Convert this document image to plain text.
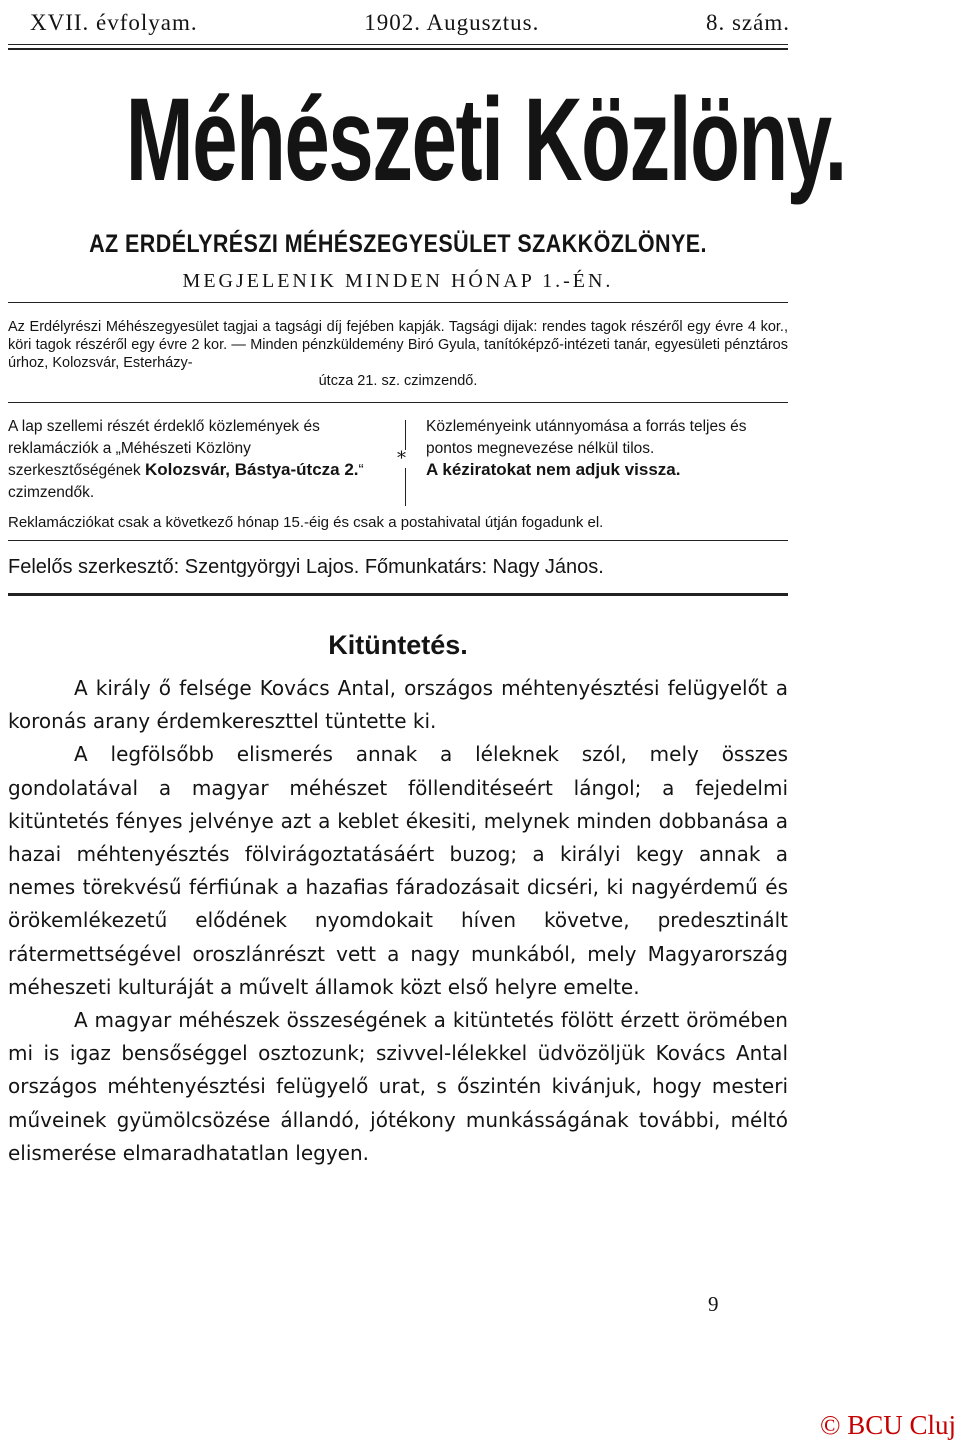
XVII. évfolyam.	1902. Augusztus.	8. szám.
Méhészeti Közlöny.
AZ ERDÉLYRÉSZI MÉHÉSZEGYESÜLET SZAKKÖZLÖNYE.
MEGJELENIK MINDEN HÓNAP 1.-ÉN.
Az Erdélyrészi Méhészegyesület tagjai a tagsági díj fejében kapják. Tagsági dijak: rendes tagok részéről egy évre 4 kor., köri tagok részéről egy évre 2 kor. — Minden pénzküldemény Biró Gyula, tanítóképző-intézeti tanár, egyesületi pénztáros úrhoz, Kolozsvár, Esterházy-
útcza 21. sz. czimzendő.
A lap szellemi részét érdeklő közlemények és reklamácziók a „Méhészeti Közlöny szerkesztőségének Kolozsvár, Bástya-útcza 2.“ czimzendők.
*
Közleményeink utánnyomása a forrás teljes és pontos megnevezése nélkül tilos.
A kéziratokat nem adjuk vissza.
Reklamácziókat csak a következő hónap 15.-éig és csak a postahivatal útján fogadunk el.
Felelős szerkesztő: Szentgyörgyi Lajos. Főmunkatárs: Nagy János.
Kitüntetés.

A király ő felsége Kovács Antal, országos méhtenyésztési felügyelőt a koronás arany érdemkereszttel tüntette ki.

A legfölsőbb elismerés annak a léleknek szól, mely összes gondolatával a magyar méhészet föllenditéseért lángol; a fejedelmi kitüntetés fényes jelvénye azt a keblet ékesiti, melynek minden dobbanása a hazai méhtenyésztés fölvirágoztatásáért buzog; a királyi kegy annak a nemes törekvésű férfiúnak a hazafias fáradozásait dicséri, ki nagyérdemű és örökemlékezetű elődének nyomdokait híven követve, predesztinált rátermettségével oroszlánrészt vett a nagy munkából, mely Magyarország méheszeti kulturáját a művelt államok közt első helyre emelte.

A magyar méhészek összeségének a kitüntetés fölött érzett örömében mi is igaz bensőséggel osztozunk; szivvel-lélekkel üdvözöljük Kovács Antal országos méhtenyésztési felügyelő urat, s őszintén kivánjuk, hogy mesteri műveinek gyümölcsözése állandó, jótékony munkásságának további, méltó elismerése elmaradhatatlan legyen.

9
© BCU Cluj
